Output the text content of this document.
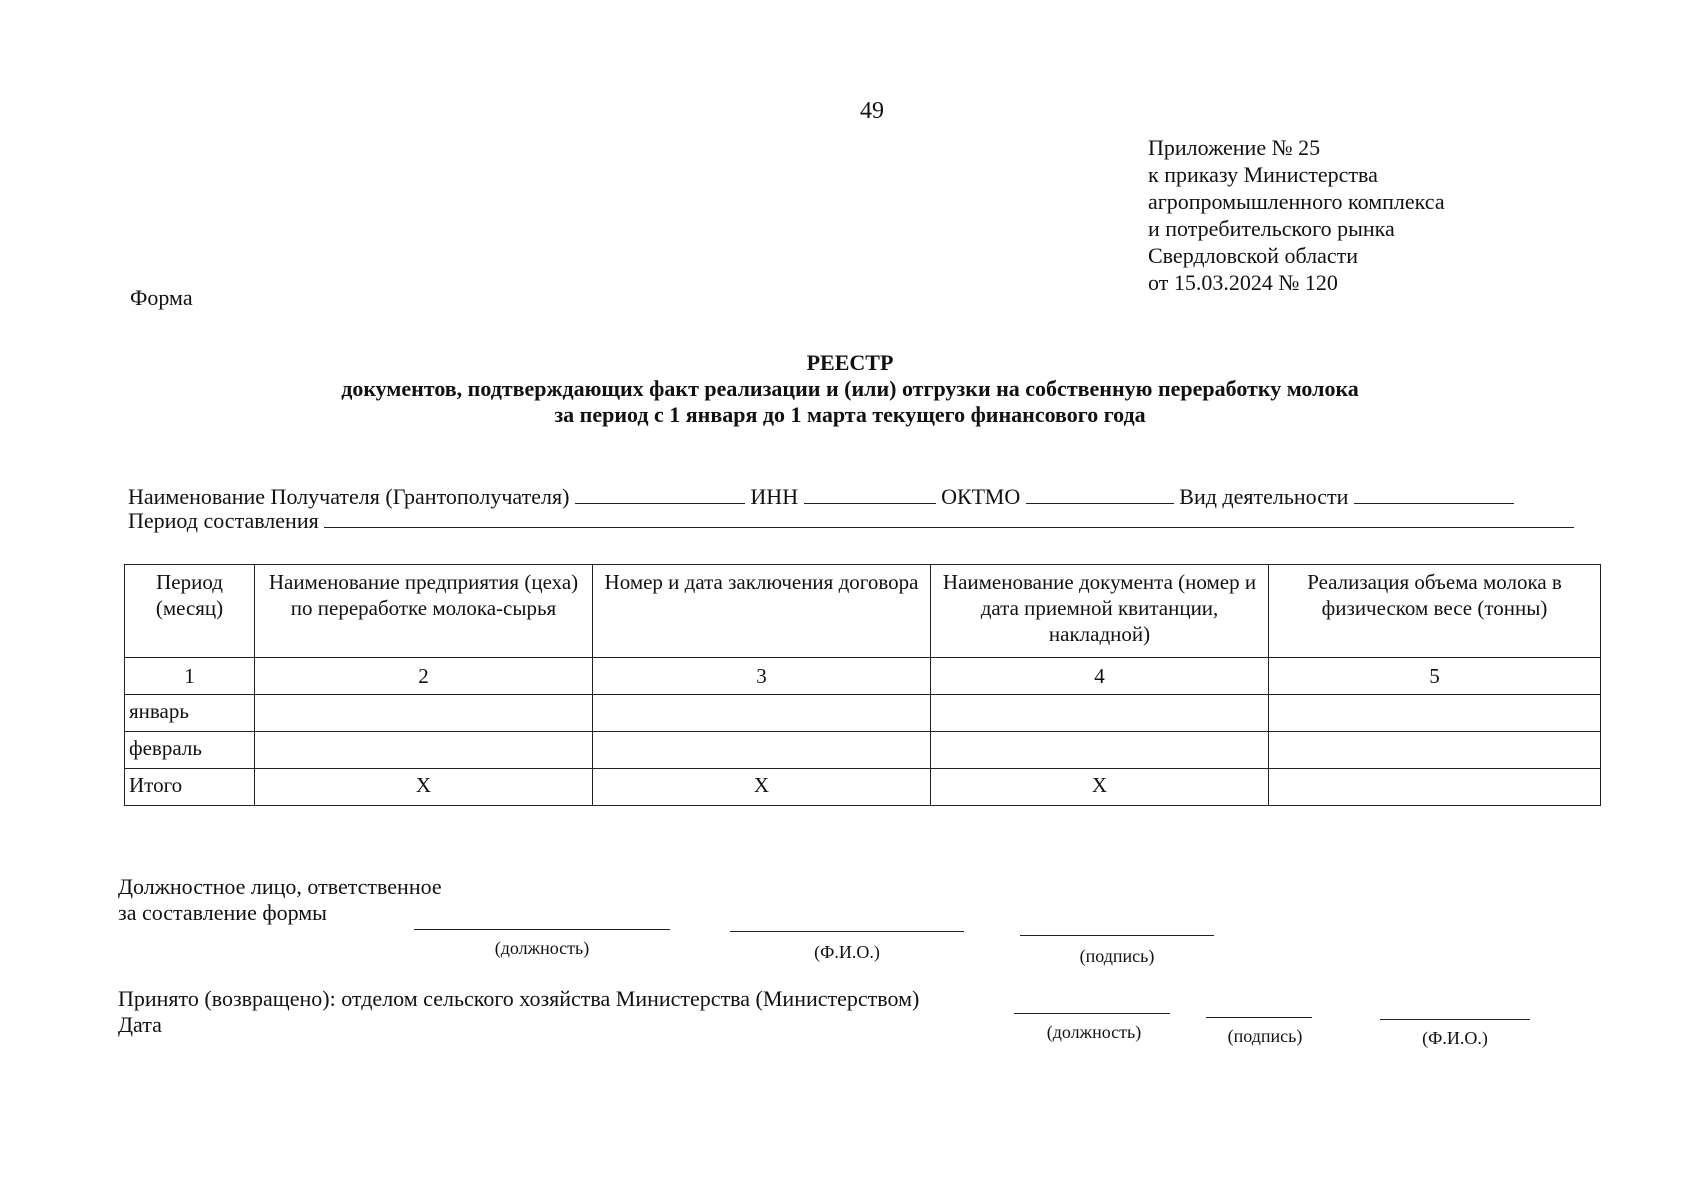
49
Приложение № 25
к приказу Министерства
агропромышленного комплекса
и потребительского рынка
Свердловской области
от 15.03.2024 № 120
Форма
РЕЕСТР
документов, подтверждающих факт реализации и (или) отгрузки на собственную переработку молока
за период с 1 января до 1 марта текущего финансового года
Наименование Получателя (Грантополучателя)	ИНН	ОКТМО	Вид деятельности
Период составления
Период (месяц)	Наименование предприятия (цеха) по переработке молока-сырья	Номер и дата заключения договора	Наименование документа (номер и дата приемной квитанции, накладной)	Реализация объема молока в физическом весе (тонны)
1	2	3	4	5
январь				
февраль				
Итого	Х	Х	Х	
Должностное лицо, ответственное
за составление формы
(должность)	(Ф.И.О.)	(подпись)
Принято (возвращено): отделом сельского хозяйства Министерства (Министерством)
Дата	(должность)	(подпись)	(Ф.И.О.)
